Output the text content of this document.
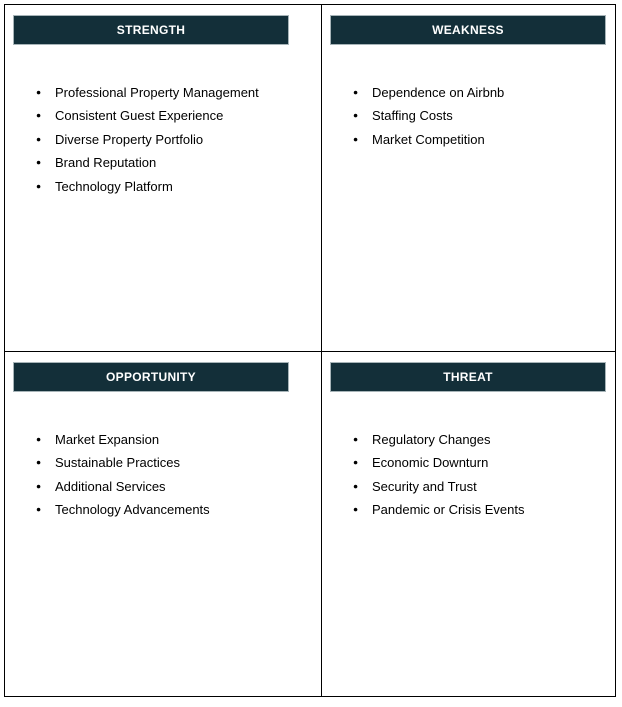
STRENGTH
● Professional Property Management
● Consistent Guest Experience
● Diverse Property Portfolio
● Brand Reputation
● Technology Platform
WEAKNESS
● Dependence on Airbnb
● Staffing Costs
● Market Competition
OPPORTUNITY
● Market Expansion
● Sustainable Practices
● Additional Services
● Technology Advancements
THREAT
● Regulatory Changes
● Economic Downturn
● Security and Trust
● Pandemic or Crisis Events
